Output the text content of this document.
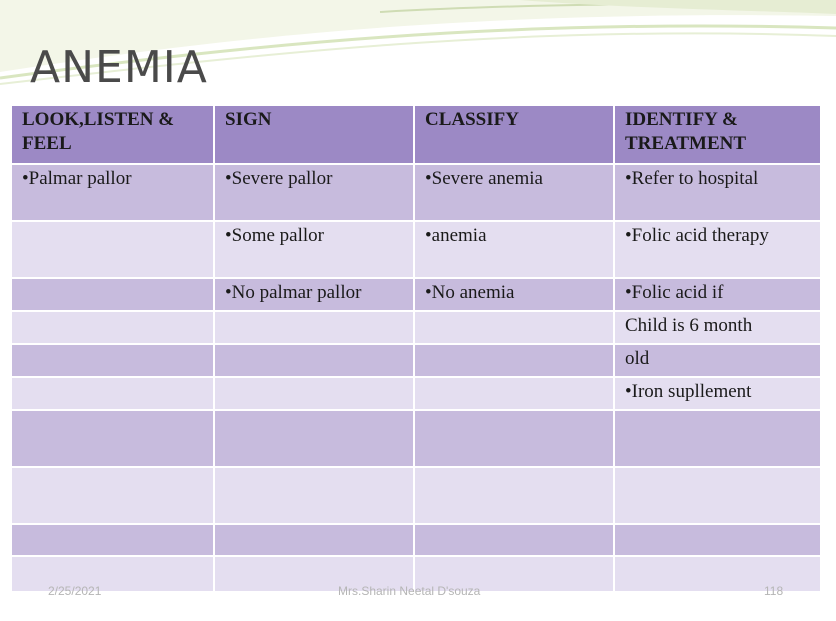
ANEMIA
LOOK,LISTEN & FEEL	SIGN	CLASSIFY	IDENTIFY & TREATMENT
•Palmar pallor	•Severe pallor	•Severe anemia	•Refer to hospital
	•Some pallor	•anemia	•Folic acid therapy
	•No palmar pallor	•No anemia	•Folic acid if
			Child is 6 month
			old
			•Iron supllement

2/25/2021	Mrs.Sharin Neetal D'souza	118
